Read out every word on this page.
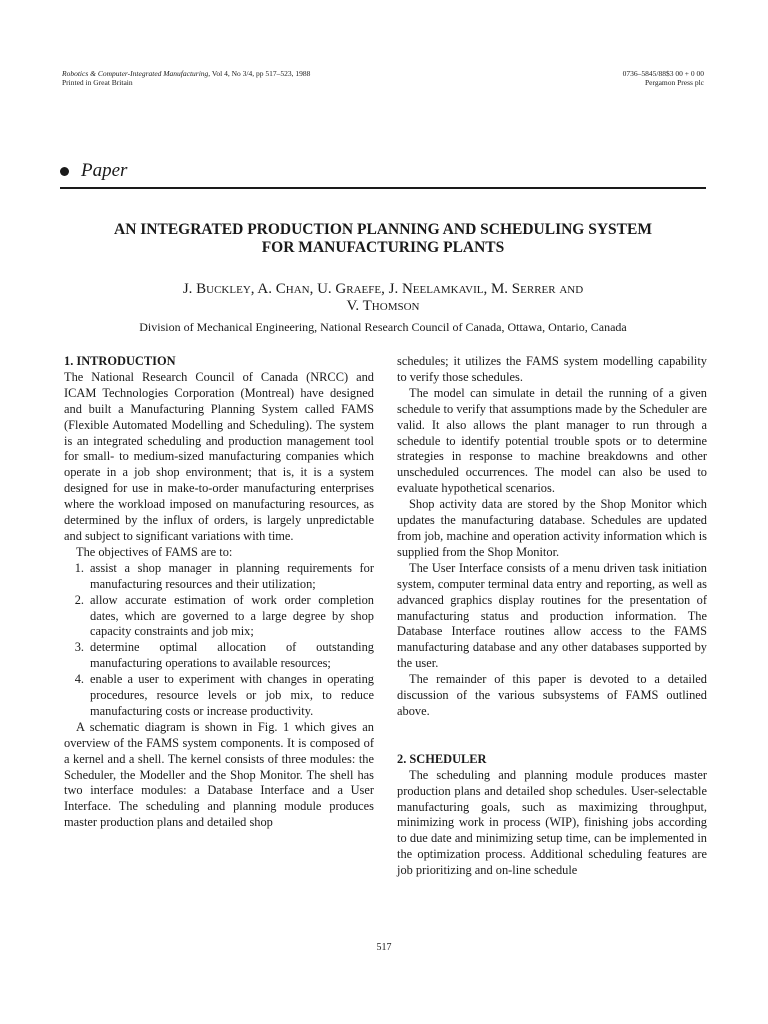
Robotics & Computer-Integrated Manufacturing, Vol 4, No 3/4, pp 517–523, 1988
Printed in Great Britain
0736–5845/88$3 00 + 0 00
Pergamon Press plc
Paper
AN INTEGRATED PRODUCTION PLANNING AND SCHEDULING SYSTEM
FOR MANUFACTURING PLANTS
J. Buckley, A. Chan, U. Graefe, J. Neelamkavil, M. Serrer and
V. Thomson
Division of Mechanical Engineering, National Research Council of Canada, Ottawa, Ontario, Canada

1. INTRODUCTION

The National Research Council of Canada (NRCC) and ICAM Technologies Corporation (Montreal) have designed and built a Manufacturing Planning System called FAMS (Flexible Automated Modelling and Scheduling). The system is an integrated scheduling and production management tool for small- to medium-sized manufacturing companies which operate in a job shop environment; that is, it is a system designed for use in make-to-order manufacturing enterprises where the workload imposed on manufacturing resources, as determined by the influx of orders, is largely unpredictable and subject to significant variations with time.

The objectives of FAMS are to:

1. assist a shop manager in planning requirements for manufacturing resources and their utilization;
2. allow accurate estimation of work order completion dates, which are governed to a large degree by shop capacity constraints and job mix;
3. determine optimal allocation of outstanding manufacturing operations to available resources;
4. enable a user to experiment with changes in operating procedures, resource levels or job mix, to reduce manufacturing costs or increase productivity.

A schematic diagram is shown in Fig. 1 which gives an overview of the FAMS system components. It is composed of a kernel and a shell. The kernel consists of three modules: the Scheduler, the Modeller and the Shop Monitor. The shell has two interface modules: a Database Interface and a User Interface. The scheduling and planning module produces master production plans and detailed shop

schedules; it utilizes the FAMS system modelling capability to verify those schedules.

The model can simulate in detail the running of a given schedule to verify that assumptions made by the Scheduler are valid. It also allows the plant manager to run through a schedule to identify potential trouble spots or to determine strategies in response to machine breakdowns and other unscheduled occurrences. The model can also be used to evaluate hypothetical scenarios.

Shop activity data are stored by the Shop Monitor which updates the manufacturing database. Schedules are updated from job, machine and operation activity information which is supplied from the Shop Monitor.

The User Interface consists of a menu driven task initiation system, computer terminal data entry and reporting, as well as advanced graphics display routines for the presentation of manufacturing status and production information. The Database Interface routines allow access to the FAMS manufacturing database and any other databases supported by the user.

The remainder of this paper is devoted to a detailed discussion of the various subsystems of FAMS outlined above.

2. SCHEDULER

The scheduling and planning module produces master production plans and detailed shop schedules. User-selectable manufacturing goals, such as maximizing throughput, minimizing work in process (WIP), finishing jobs according to due date and minimizing setup time, can be implemented in the optimization process. Additional scheduling features are job prioritizing and on-line schedule

517
